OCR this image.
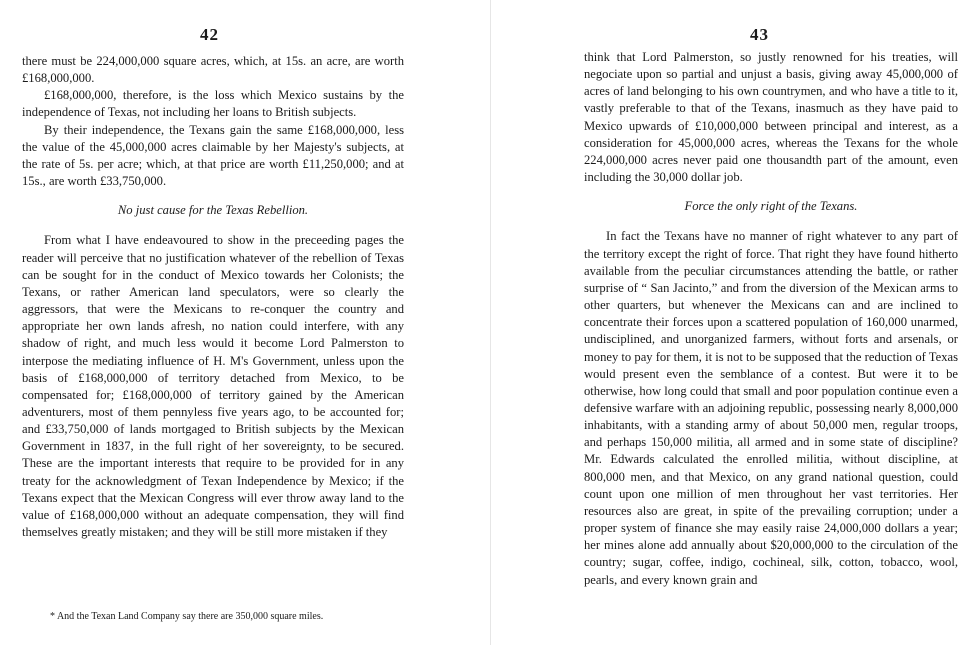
42

there must be 224,000,000 square acres, which, at 15s. an acre, are worth £168,000,000.

£168,000,000, therefore, is the loss which Mexico sustains by the independence of Texas, not including her loans to British subjects.

By their independence, the Texans gain the same £168,000,000, less the value of the 45,000,000 acres claimable by her Majesty's subjects, at the rate of 5s. per acre; which, at that price are worth £11,250,000; and at 15s., are worth £33,750,000.

No just cause for the Texas Rebellion.

From what I have endeavoured to show in the preceeding pages the reader will perceive that no justification whatever of the rebellion of Texas can be sought for in the conduct of Mexico towards her Colonists; the Texans, or rather American land speculators, were so clearly the aggressors, that were the Mexicans to re-conquer the country and appropriate her own lands afresh, no nation could interfere, with any shadow of right, and much less would it become Lord Palmerston to interpose the mediating influence of H. M's Government, unless upon the basis of £168,000,000 of territory detached from Mexico, to be compensated for; £168,000,000 of territory gained by the American adventurers, most of them pennyless five years ago, to be accounted for; and £33,750,000 of lands mortgaged to British subjects by the Mexican Government in 1837, in the full right of her sovereignty, to be secured. These are the important interests that require to be provided for in any treaty for the acknowledgment of Texan Independence by Mexico; if the Texans expect that the Mexican Congress will ever throw away land to the value of £168,000,000 without an adequate compensation, they will find themselves greatly mistaken; and they will be still more mistaken if they

* And the Texan Land Company say there are 350,000 square miles.
43

think that Lord Palmerston, so justly renowned for his treaties, will negociate upon so partial and unjust a basis, giving away 45,000,000 of acres of land belonging to his own countrymen, and who have a title to it, vastly preferable to that of the Texans, inasmuch as they have paid to Mexico upwards of £10,000,000 between principal and interest, as a consideration for 45,000,000 acres, whereas the Texans for the whole 224,000,000 acres never paid one thousandth part of the amount, even including the 30,000 dollar job.

Force the only right of the Texans.

In fact the Texans have no manner of right whatever to any part of the territory except the right of force. That right they have found hitherto available from the peculiar circumstances attending the battle, or rather surprise of “ San Jacinto,” and from the diversion of the Mexican arms to other quarters, but whenever the Mexicans can and are inclined to concentrate their forces upon a scattered population of 160,000 unarmed, undisciplined, and unorganized farmers, without forts and arsenals, or money to pay for them, it is not to be supposed that the reduction of Texas would present even the semblance of a contest. But were it to be otherwise, how long could that small and poor population continue even a defensive warfare with an adjoining republic, possessing nearly 8,000,000 inhabitants, with a standing army of about 50,000 men, regular troops, and perhaps 150,000 militia, all armed and in some state of discipline? Mr. Edwards calculated the enrolled militia, without discipline, at 800,000 men, and that Mexico, on any grand national question, could count upon one million of men throughout her vast territories. Her resources also are great, in spite of the prevailing corruption; under a proper system of finance she may easily raise 24,000,000 dollars a year; her mines alone add annually about $20,000,000 to the circulation of the country; sugar, coffee, indigo, cochineal, silk, cotton, tobacco, wool, pearls, and every known grain and
